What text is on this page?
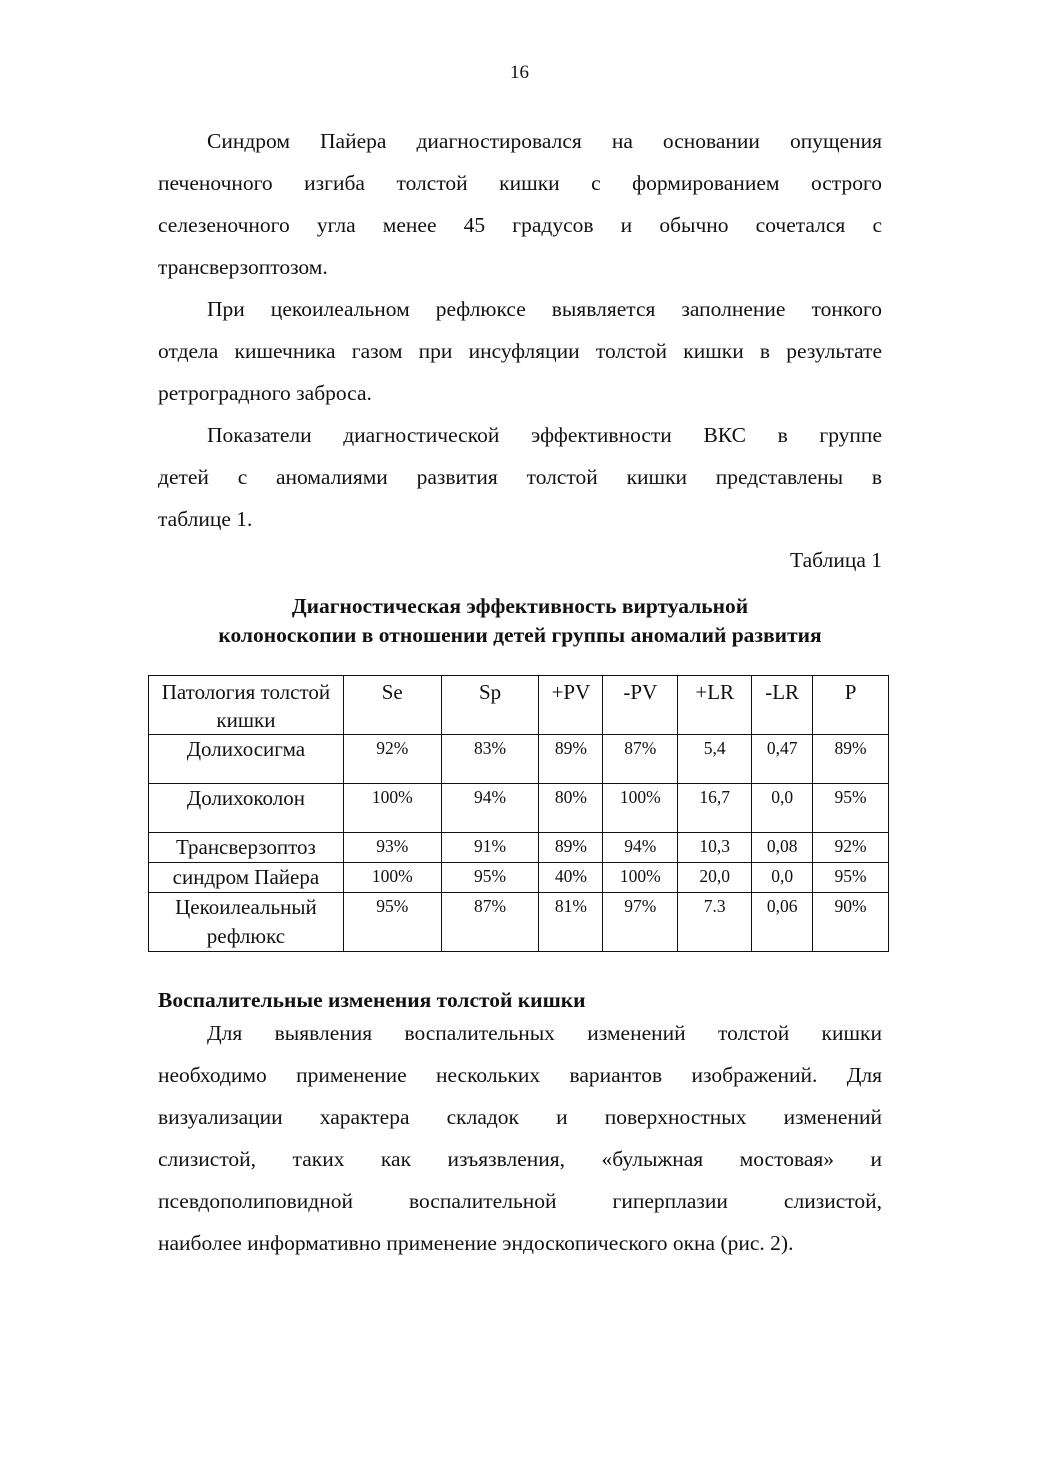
16
Синдром Пайера диагностировался на основании опущения
печеночного изгиба толстой кишки с формированием острого
селезеночного угла менее 45 градусов и обычно сочетался с
трансверзоптозом.
При цекоилеальном рефлюксе выявляется заполнение тонкого
отдела кишечника газом при инсуфляции толстой кишки в результате
ретроградного заброса.
Показатели диагностической эффективности ВКС в группе
детей с аномалиями развития толстой кишки представлены в
таблице 1.
Таблица 1
Диагностическая эффективность виртуальной
колоноскопии в отношении детей группы аномалий развития
Патология толстой кишки	Se	Sp	+PV	-PV	+LR	-LR	P
Долихосигма	92%	83%	89%	87%	5,4	0,47	89%
Долихоколон	100%	94%	80%	100%	16,7	0,0	95%
Трансверзоптоз	93%	91%	89%	94%	10,3	0,08	92%
синдром Пайера	100%	95%	40%	100%	20,0	0,0	95%
Цекоилеальный рефлюкс	95%	87%	81%	97%	7.3	0,06	90%
Воспалительные изменения толстой кишки
Для выявления воспалительных изменений толстой кишки
необходимо применение нескольких вариантов изображений. Для
визуализации характера складок и поверхностных изменений
слизистой, таких как изъязвления, «булыжная мостовая» и
псевдополиповидной воспалительной гиперплазии слизистой,
наиболее информативно применение эндоскопического окна (рис. 2).
